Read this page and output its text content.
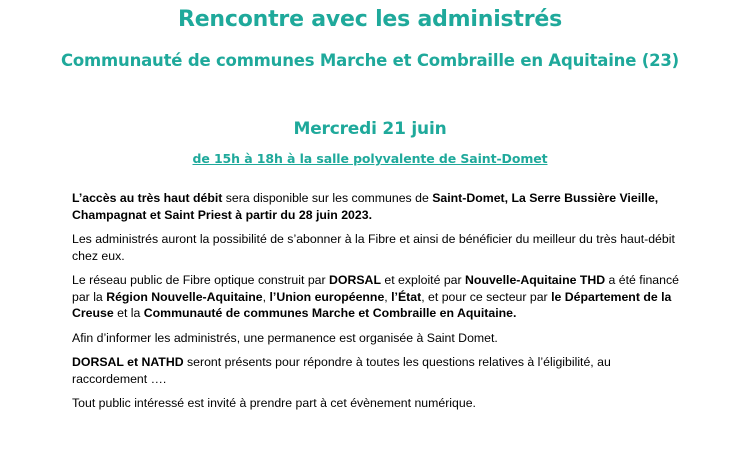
Rencontre avec les administrés
Communauté de communes Marche et Combraille en Aquitaine (23)
Mercredi 21 juin
de 15h à 18h à la salle polyvalente de Saint-Domet

L’accès au très haut débit sera disponible sur les communes de Saint-Domet, La Serre Bussière Vieille, Champagnat et Saint Priest à partir du 28 juin 2023.

Les administrés auront la possibilité de s’abonner à la Fibre et ainsi de bénéficier du meilleur du très haut-débit chez eux.

Le réseau public de Fibre optique construit par DORSAL et exploité par Nouvelle-Aquitaine THD a été financé par la Région Nouvelle-Aquitaine, l’Union européenne, l’État, et pour ce secteur par le Département de la Creuse et la Communauté de communes Marche et Combraille en Aquitaine.

Afin d’informer les administrés, une permanence est organisée à Saint Domet.

DORSAL et NATHD seront présents pour répondre à toutes les questions relatives à l’éligibilité, au raccordement ….

Tout public intéressé est invité à prendre part à cet évènement numérique.
